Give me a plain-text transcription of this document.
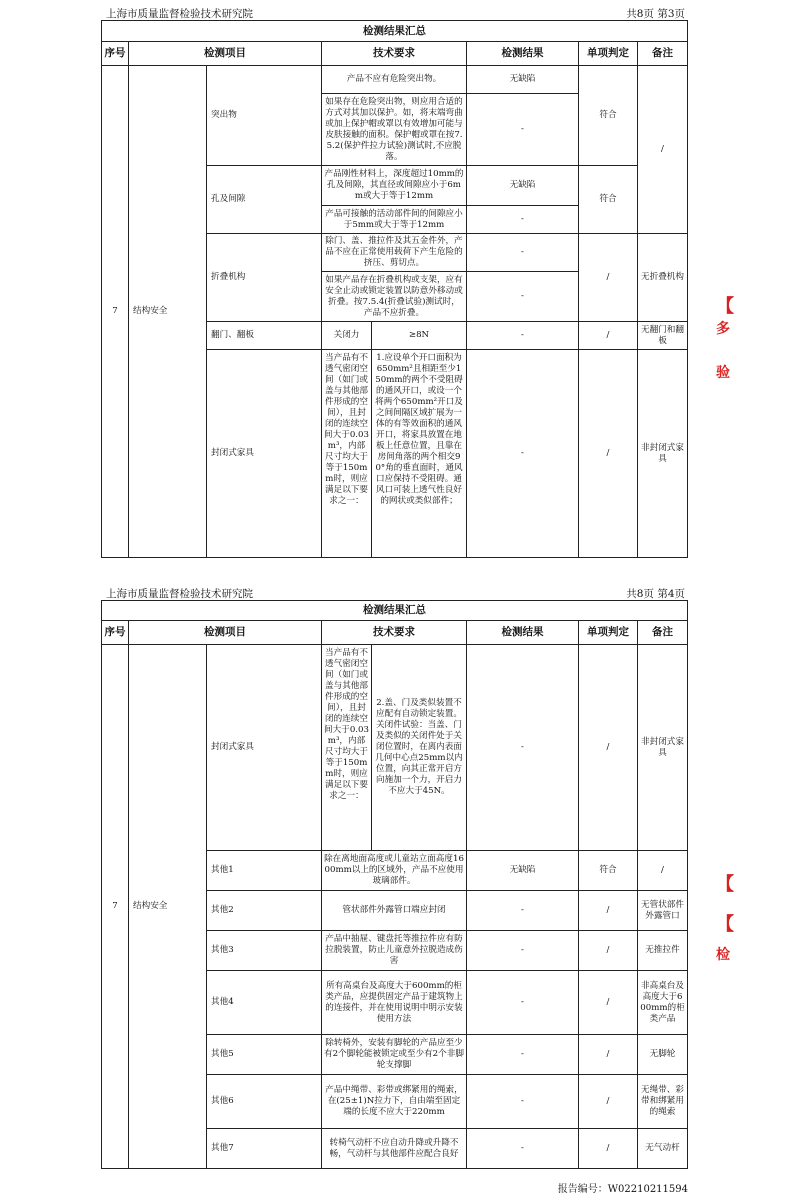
上海市质量监督检验技术研究院	共8页 第3页
检测结果汇总							
序号	检测项目		技术要求		检测结果	单项判定	备注
7	结构安全	突出物	产品不应有危险突出物。		无缺陷	符合	/
			如果存在危险突出物，则应用合适的方式对其加以保护。如，将末端弯曲或加上保护帽或罩以有效增加可能与皮肤接触的面积。保护帽或罩在按7.5.2(保护件拉力试验)测试时,不应脱落。		-		
		孔及间隙	产品刚性材料上，深度超过10mm的孔及间隙，其直径或间隙应小于6mm或大于等于12mm		无缺陷	符合	
			产品可接触的活动部件间的间隙应小于5mm或大于等于12mm		-		
		折叠机构	除门、盖、推拉件及其五金件外，产品不应在正常使用载荷下产生危险的挤压、剪切点。		-	/	无折叠机构
			如果产品存在折叠机构或支架，应有安全止动或锁定装置以防意外移动或折叠。按7.5.4(折叠试验)测试时，产品不应折叠。		-		
		翻门、翻板	关闭力	≥8N	-	/	无翻门和翻板
		封闭式家具	当产品有不透气密闭空间（如门或盖与其他部件形成的空间），且封闭的连续空间大于0.03m³，内部尺寸均大于等于150mm时，则应满足以下要求之一：	1.应设单个开口面积为650mm²且相距至少150mm的两个不受阻碍的通风开口，或设一个将两个650mm²开口及之间间隔区域扩展为一体的有等效面积的通风开口，将家具放置在地板上任意位置，且靠在房间角落的两个相交90°角的垂直面时，通风口应保持不受阻碍。通风口可装上透气性良好的网状或类似部件；	-	/	非封闭式家具
上海市质量监督检验技术研究院	共8页 第4页
检测结果汇总							
序号	检测项目		技术要求		检测结果	单项判定	备注
7	结构安全	封闭式家具	当产品有不透气密闭空间（如门或盖与其他部件形成的空间），且封闭的连续空间大于0.03m³，内部尺寸均大于等于150mm时，则应满足以下要求之一：	2.盖、门及类似装置不应配有自动锁定装置。关闭件试验：当盖、门及类似的关闭件处于关闭位置时，在离内表面几何中心点25mm以内位置，向其正常开启方向施加一个力，开启力不应大于45N。	-	/	非封闭式家具
		其他1	除在离地面高度或儿童站立面高度1600mm以上的区域外，产品不应使用玻璃部件。		无缺陷	符合	/
		其他2	管状部件外露管口端应封闭		-	/	无管状部件外露管口
		其他3	产品中抽屉、键盘托等推拉件应有防拉脱装置，防止儿童意外拉脱造成伤害		-	/	无推拉件
		其他4	所有高桌台及高度大于600mm的柜类产品，应提供固定产品于建筑物上的连接件，并在使用说明中明示安装使用方法		-	/	非高桌台及高度大于600mm的柜类产品
		其他5	除转椅外，安装有脚轮的产品应至少有2个脚轮能被锁定或至少有2个非脚轮支撑脚		-	/	无脚轮
		其他6	产品中绳带、彩带或绑紧用的绳索，在(25±1)N拉力下，自由端至固定端的长度不应大于220mm		-	/	无绳带、彩带和绑紧用的绳索
		其他7	转椅气动杆不应自动升降或升降不畅，气动杆与其他部件应配合良好		-	/	无气动杆
报告编号：W02210211594
【
多
验
【
【
检
